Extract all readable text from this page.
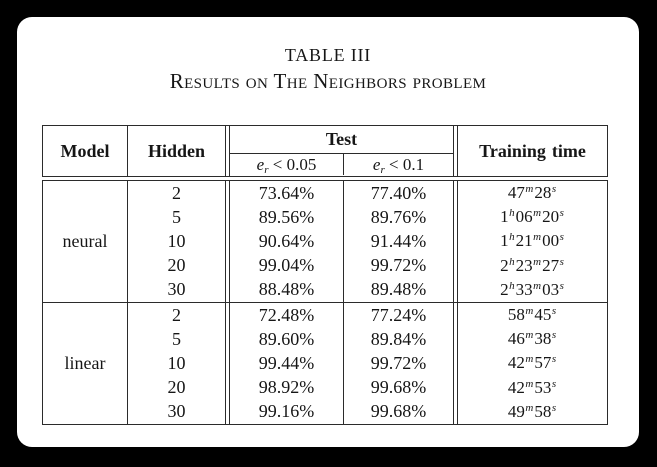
TABLE III
Results on The Neighbors problem
Model	Hidden
Test
$e_r < 0.05$	$e_r < 0.1$
Training time
neural
2
5
10
20
30
73.64%
89.56%
90.64%
99.04%
88.48%
77.40%
89.76%
91.44%
99.72%
89.48%
47$^m$ 28$^s$
1$^h$ 06$^m$ 20$^s$
1$^h$ 21$^m$ 00$^s$
2$^h$ 23$^m$ 27$^s$
2$^h$ 33$^m$ 03$^s$
linear
2
5
10
20
30
72.48%
89.60%
99.44%
98.92%
99.16%
77.24%
89.84%
99.72%
99.68%
99.68%
58$^m$ 45$^s$
46$^m$ 38$^s$
42$^m$ 57$^s$
42$^m$ 53$^s$
49$^m$ 58$^s$
